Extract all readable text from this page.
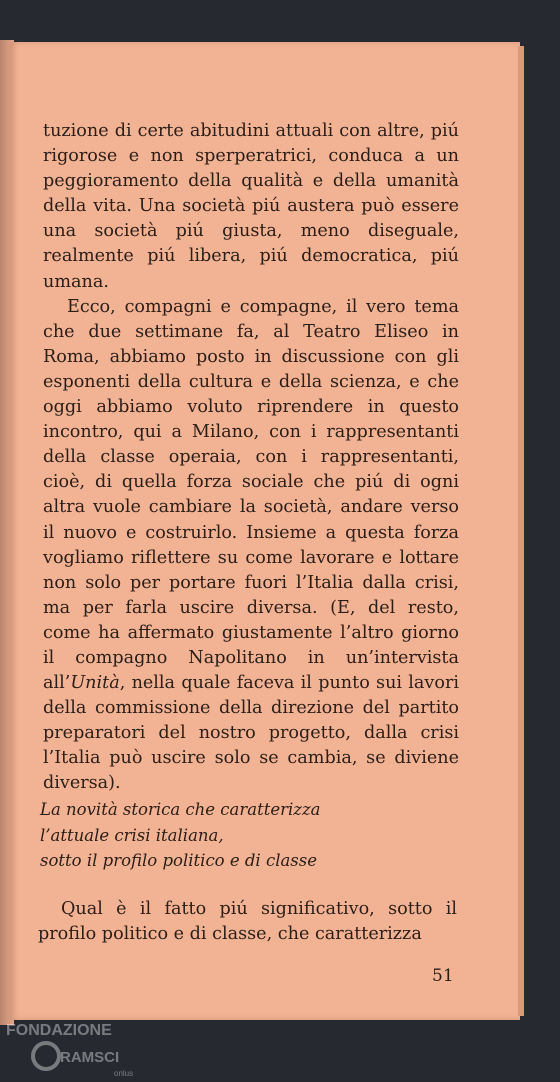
tuzione di certe abitudini attuali con altre, piú rigorose e non sperperatrici, conduca a un peggioramento della qualità e della umanità della vita. Una società piú austera può essere una società piú giusta, meno diseguale, realmente piú libera, piú democratica, piú umana.

Ecco, compagni e compagne, il vero tema che due settimane fa, al Teatro Eliseo in Roma, abbiamo posto in discussione con gli esponenti della cultura e della scienza, e che oggi abbiamo voluto riprendere in questo incontro, qui a Milano, con i rappresentanti della classe operaia, con i rappresentanti, cioè, di quella forza sociale che piú di ogni altra vuole cambiare la società, andare verso il nuovo e costruirlo. Insieme a questa forza vogliamo riflettere su come lavorare e lottare non solo per portare fuori l’Italia dalla crisi, ma per farla uscire diversa. (E, del resto, come ha affermato giustamente l’altro giorno il compagno Napolitano in un’intervista all’Unità, nella quale faceva il punto sui lavori della commissione della direzione del partito preparatori del nostro progetto, dalla crisi l’Italia può uscire solo se cambia, se diviene diversa).

La novità storica che caratterizza
l’attuale crisi italiana,
sotto il profilo politico e di classe

Qual è il fatto piú significativo, sotto il profilo politico e di classe, che caratterizza

51
FONDAZIONE
RAMSCI
onlus
